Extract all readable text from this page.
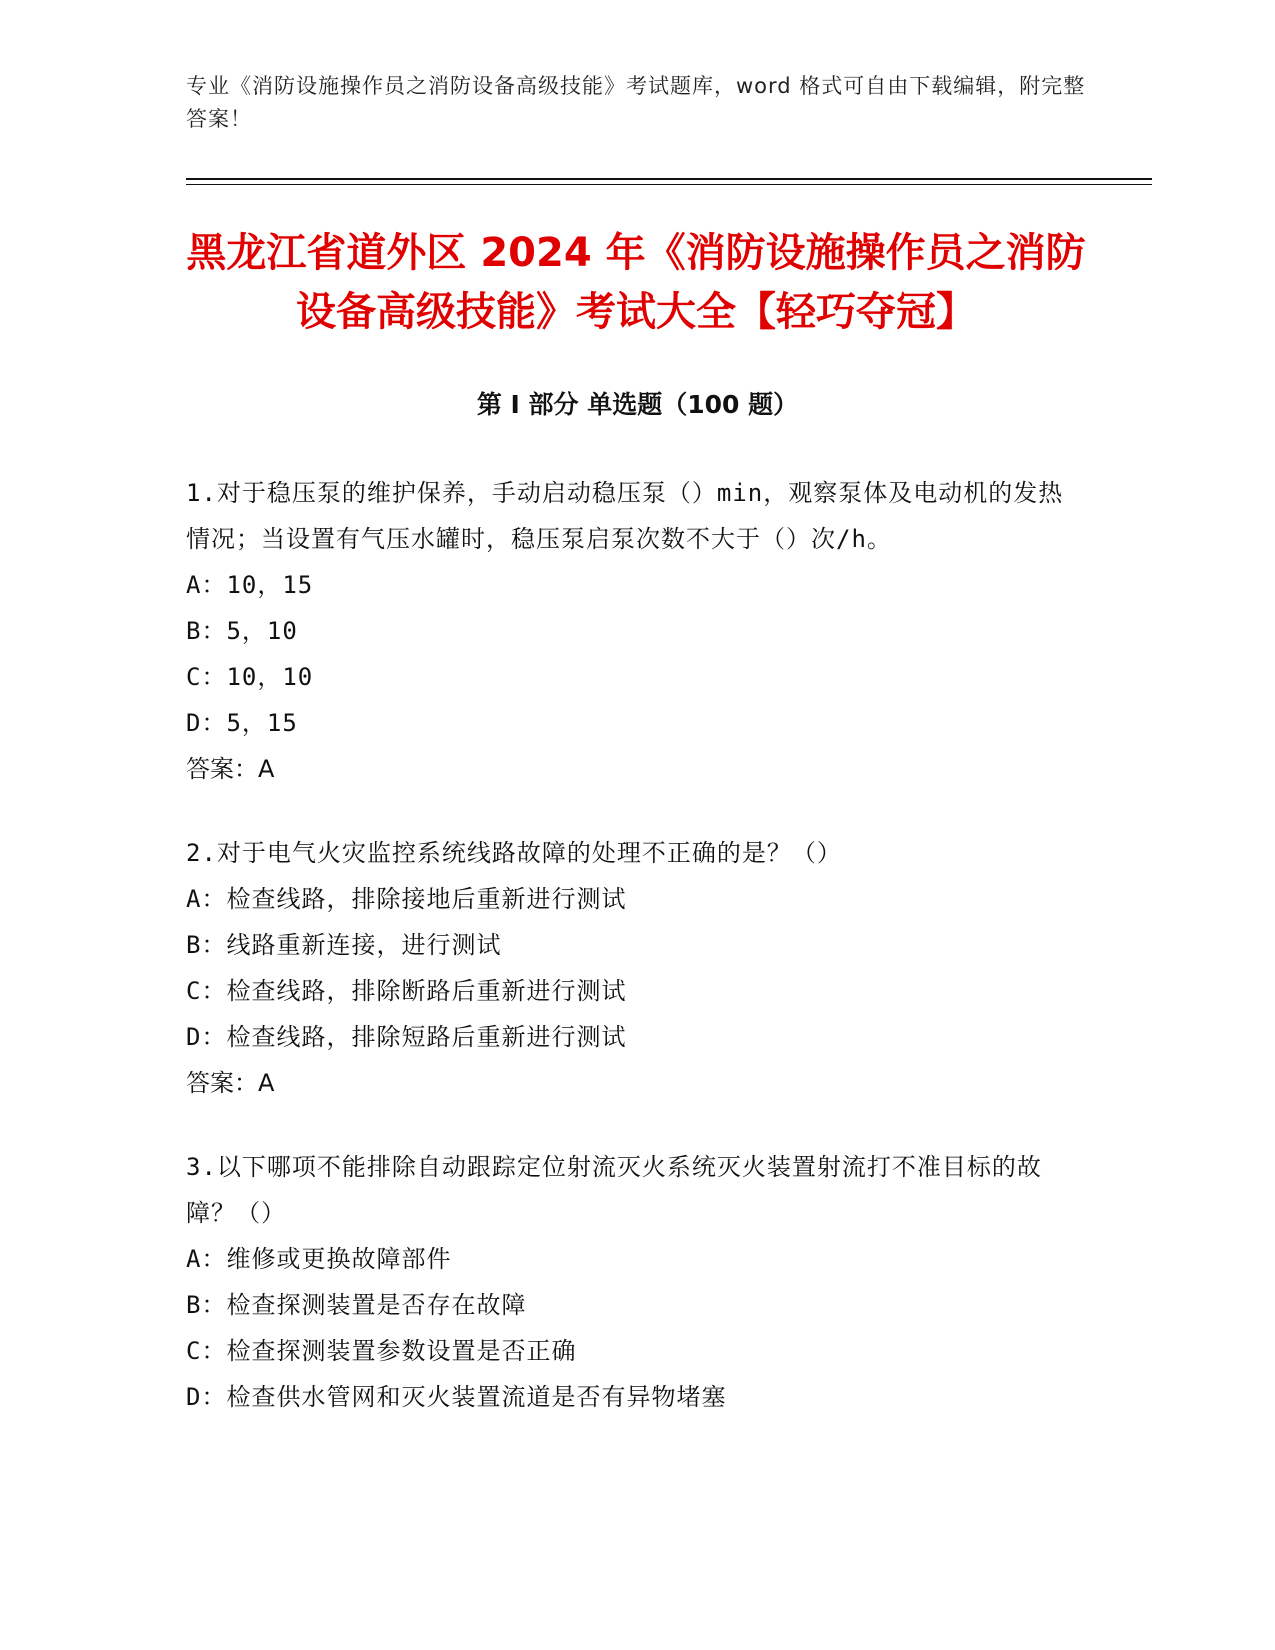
专业《消防设施操作员之消防设备高级技能》考试题库，word 格式可自由下载编辑，附完整答案！
黑龙江省道外区 2024 年《消防设施操作员之消防设备高级技能》考试大全【轻巧夺冠】
第 I 部分 单选题（100 题）
1.对于稳压泵的维护保养，手动启动稳压泵（）min，观察泵体及电动机的发热情况；当设置有气压水罐时，稳压泵启泵次数不大于（）次/h。
A：10，15
B：5，10
C：10，10
D：5，15
答案：A
2.对于电气火灾监控系统线路故障的处理不正确的是？（）
A：检查线路，排除接地后重新进行测试
B：线路重新连接，进行测试
C：检查线路，排除断路后重新进行测试
D：检查线路，排除短路后重新进行测试
答案：A
3.以下哪项不能排除自动跟踪定位射流灭火系统灭火装置射流打不准目标的故障？（）
A：维修或更换故障部件
B：检查探测装置是否存在故障
C：检查探测装置参数设置是否正确
D：检查供水管网和灭火装置流道是否有异物堵塞
